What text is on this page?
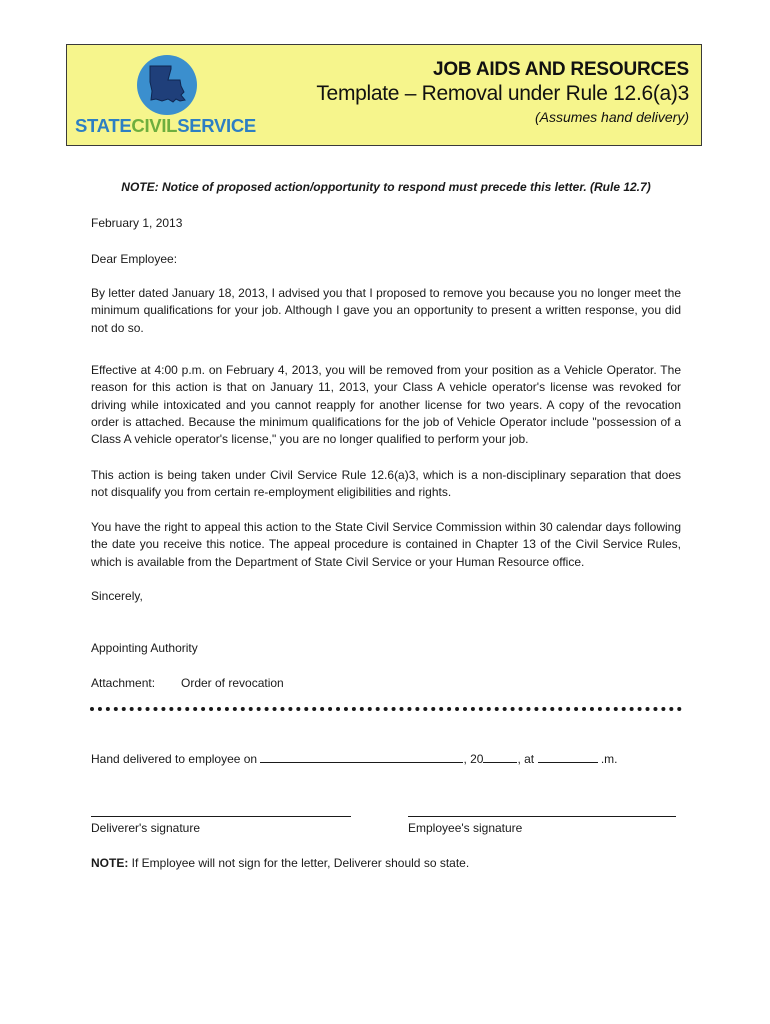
STATECIVILSERVICE
JOB AIDS AND RESOURCES
Template – Removal under Rule 12.6(a)3
(Assumes hand delivery)
NOTE: Notice of proposed action/opportunity to respond must precede this letter. (Rule 12.7)
February 1, 2013
Dear Employee:
By letter dated January 18, 2013, I advised you that I proposed to remove you because you no longer meet the minimum qualifications for your job. Although I gave you an opportunity to present a written response, you did not do so.
Effective at 4:00 p.m. on February 4, 2013, you will be removed from your position as a Vehicle Operator. The reason for this action is that on January 11, 2013, your Class A vehicle operator's license was revoked for driving while intoxicated and you cannot reapply for another license for two years. A copy of the revocation order is attached. Because the minimum qualifications for the job of Vehicle Operator include "possession of a Class A vehicle operator's license," you are no longer qualified to perform your job.
This action is being taken under Civil Service Rule 12.6(a)3, which is a non-disciplinary separation that does not disqualify you from certain re-employment eligibilities and rights.
You have the right to appeal this action to the State Civil Service Commission within 30 calendar days following the date you receive this notice. The appeal procedure is contained in Chapter 13 of the Civil Service Rules, which is available from the Department of State Civil Service or your Human Resource office.
Sincerely,
Appointing Authority
Attachment: Order of revocation
Hand delivered to employee on	, 20	, at	.m.
Deliverer's signature	Employee's signature
NOTE: If Employee will not sign for the letter, Deliverer should so state.
